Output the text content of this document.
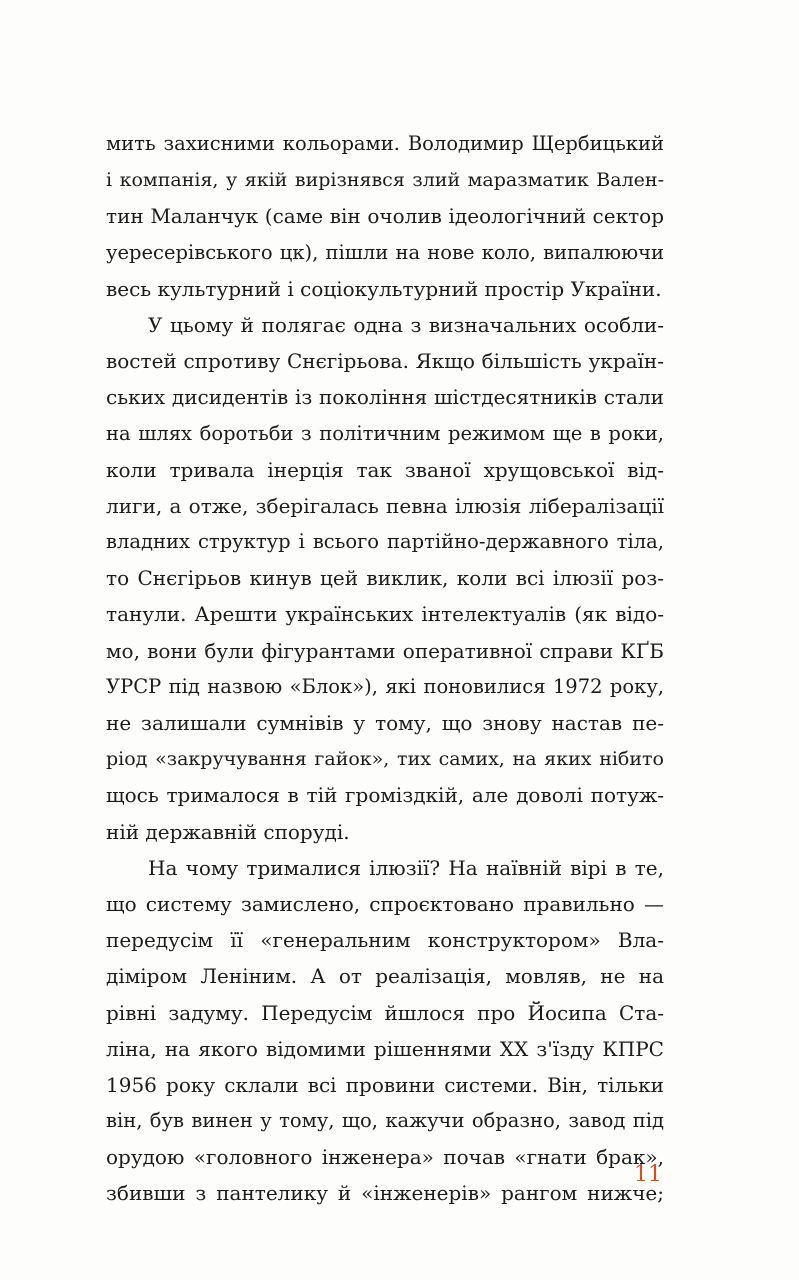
мить захисними кольорами. Володимир Щербицький
і компанія, у якій вирізнявся злий маразматик Вален-
тин Маланчук (саме він очолив ідеологічний сектор
уересерівського цк), пішли на нове коло, випалюючи
весь культурний і соціокультурний простір України.
У цьому й полягає одна з визначальних особли-
востей спротиву Снєгірьова. Якщо більшість україн-
ських дисидентів із покоління шістдесятників стали
на шлях боротьби з політичним режимом ще в роки,
коли тривала інерція так званої хрущовської від-
лиги, а отже, зберігалась певна ілюзія лібералізації
владних структур і всього партійно-державного тіла,
то Снєгірьов кинув цей виклик, коли всі ілюзії роз-
танули. Арешти українських інтелектуалів (як відо-
мо, вони були фігурантами оперативної справи КҐБ
УРСР під назвою «Блок»), які поновилися 1972 року,
не залишали сумнівів у тому, що знову настав пе-
ріод «закручування гайок», тих самих, на яких нібито
щось трималося в тій громіздкій, але доволі потуж-
ній державній споруді.
На чому трималися ілюзії? На наївній вірі в те,
що систему замислено, спроєктовано правильно —
передусім її «генеральним конструктором» Вла-
діміром Леніним. А от реалізація, мовляв, не на
рівні задуму. Передусім йшлося про Йосипа Ста-
ліна, на якого відомими рішеннями XX з'їзду КПРС
1956 року склали всі провини системи. Він, тільки
він, був винен у тому, що, кажучи образно, завод під
орудою «головного інженера» почав «гнати брак»,
збивши з пантелику й «інженерів» рангом нижче;
11
